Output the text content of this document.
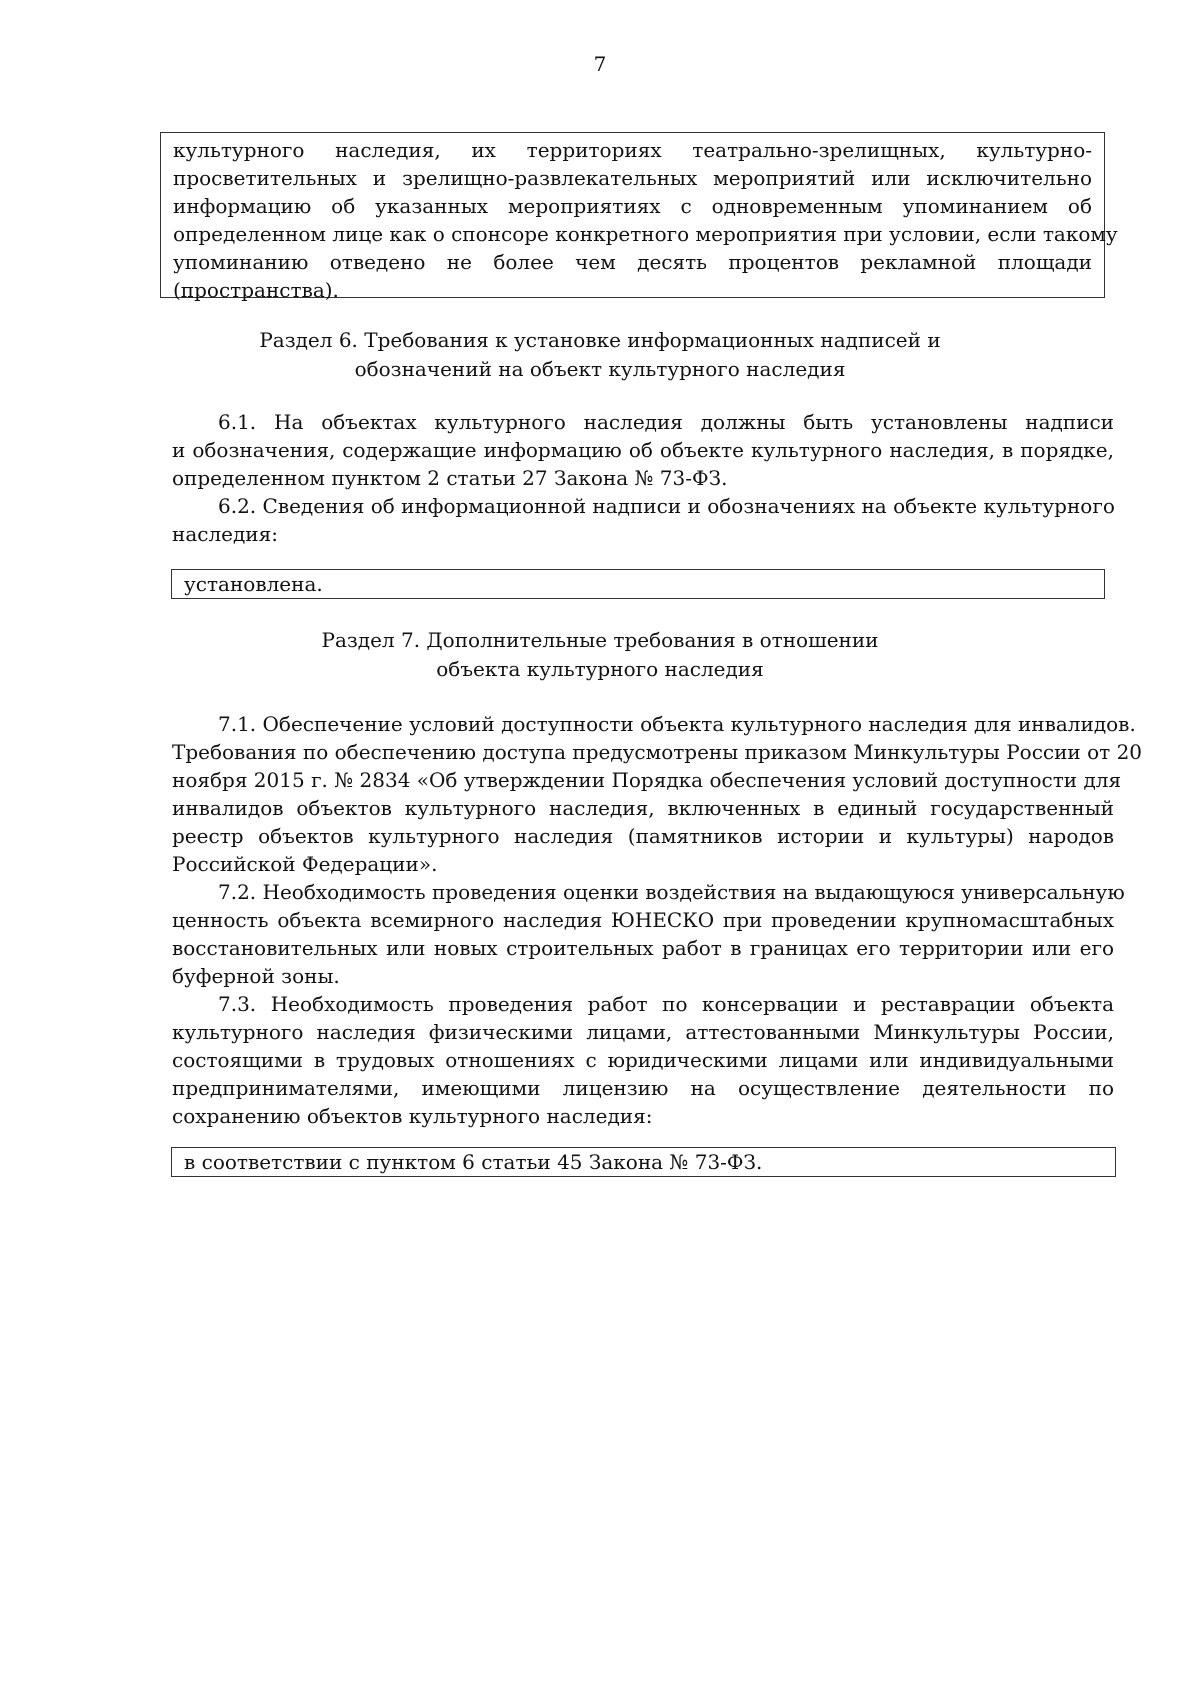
7
культурного наследия, их территориях театрально-зрелищных, культурно-
просветительных и зрелищно-развлекательных мероприятий или исключительно
информацию об указанных мероприятиях с одновременным упоминанием об
определенном лице как о спонсоре конкретного мероприятия при условии, если такому
упоминанию отведено не более чем десять процентов рекламной площади
(пространства).
Раздел 6. Требования к установке информационных надписей и
обозначений на объект культурного наследия
6.1. На объектах культурного наследия должны быть установлены надписи
и обозначения, содержащие информацию об объекте культурного наследия, в порядке,
определенном пунктом 2 статьи 27 Закона № 73-ФЗ.
6.2. Сведения об информационной надписи и обозначениях на объекте культурного
наследия:
установлена.
Раздел 7. Дополнительные требования в отношении
объекта культурного наследия
7.1. Обеспечение условий доступности объекта культурного наследия для инвалидов.
Требования по обеспечению доступа предусмотрены приказом Минкультуры России от 20
ноября 2015 г. № 2834 «Об утверждении Порядка обеспечения условий доступности для
инвалидов объектов культурного наследия, включенных в единый государственный
реестр объектов культурного наследия (памятников истории и культуры) народов
Российской Федерации».
7.2. Необходимость проведения оценки воздействия на выдающуюся универсальную
ценность объекта всемирного наследия ЮНЕСКО при проведении крупномасштабных
восстановительных или новых строительных работ в границах его территории или его
буферной зоны.
7.3. Необходимость проведения работ по консервации и реставрации объекта
культурного наследия физическими лицами, аттестованными Минкультуры России,
состоящими в трудовых отношениях с юридическими лицами или индивидуальными
предпринимателями, имеющими лицензию на осуществление деятельности по
сохранению объектов культурного наследия:
в соответствии с пунктом 6 статьи 45 Закона № 73-ФЗ.
